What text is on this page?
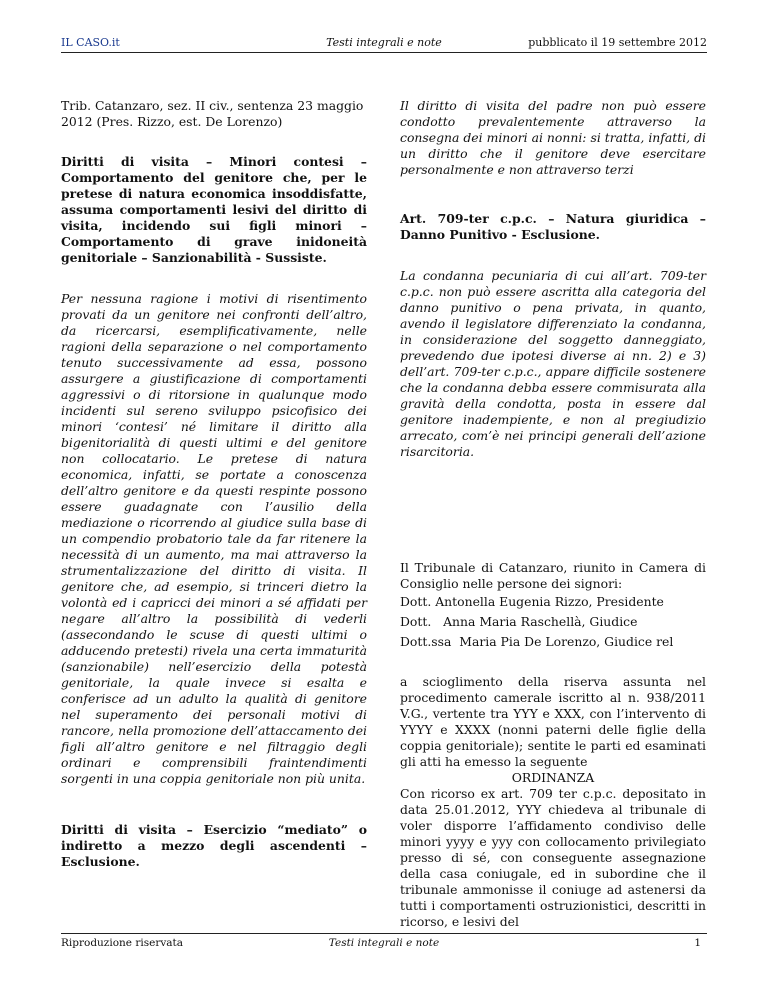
IL CASO.it	Testi integrali e note	pubblicato il 19 settembre 2012

Trib. Catanzaro, sez. II civ., sentenza 23 maggio 2012 (Pres. Rizzo, est. De Lorenzo)

Diritti di visita – Minori contesi – Comportamento del genitore che, per le pretese di natura economica insoddisfatte, assuma comportamenti lesivi del diritto di visita, incidendo sui figli minori – Comportamento di grave inidoneità genitoriale – Sanzionabilità - Sussiste.

Per nessuna ragione i motivi di risentimento provati da un genitore nei confronti dell’altro, da ricercarsi, esemplificativamente, nelle ragioni della separazione o nel comportamento tenuto successivamente ad essa, possono assurgere a giustificazione di comportamenti aggressivi o di ritorsione in qualunque modo incidenti sul sereno sviluppo psicofisico dei minori ‘contesi’ né limitare il diritto alla bigenitorialità di questi ultimi e del genitore non collocatario. Le pretese di natura economica, infatti, se portate a conoscenza dell’altro genitore e da questi respinte possono essere guadagnate con l’ausilio della mediazione o ricorrendo al giudice sulla base di un compendio probatorio tale da far ritenere la necessità di un aumento, ma mai attraverso la strumentalizzazione del diritto di visita. Il genitore che, ad esempio, si trinceri dietro la volontà ed i capricci dei minori a sé affidati per negare all’altro la possibilità di vederli (assecondando le scuse di questi ultimi o adducendo pretesti) rivela una certa immaturità (sanzionabile) nell’esercizio della potestà genitoriale, la quale invece si esalta e conferisce ad un adulto la qualità di genitore nel superamento dei personali motivi di rancore, nella promozione dell’attaccamento dei figli all’altro genitore e nel filtraggio degli ordinari e comprensibili fraintendimenti sorgenti in una coppia genitoriale non più unita.

Diritti di visita – Esercizio “mediato” o indiretto a mezzo degli ascendenti – Esclusione.

Il diritto di visita del padre non può essere condotto prevalentemente attraverso la consegna dei minori ai nonni: si tratta, infatti, di un diritto che il genitore deve esercitare personalmente e non attraverso terzi

Art. 709-ter c.p.c. – Natura giuridica – Danno Punitivo - Esclusione.

La condanna pecuniaria di cui all’art. 709-ter c.p.c. non può essere ascritta alla categoria del danno punitivo o pena privata, in quanto, avendo il legislatore differenziato la condanna, in considerazione del soggetto danneggiato, prevedendo due ipotesi diverse ai nn. 2) e 3) dell’art. 709-ter c.p.c., appare difficile sostenere che la condanna debba essere commisurata alla gravità della condotta, posta in essere dal genitore inadempiente, e non al pregiudizio arrecato, com’è nei principi generali dell’azione risarcitoria.

Il Tribunale di Catanzaro, riunito in Camera di Consiglio nelle persone dei signori:

Dott. Antonella Eugenia Rizzo, Presidente

Dott.   Anna Maria Raschellà, Giudice

Dott.ssa  Maria Pia De Lorenzo, Giudice rel

a scioglimento della riserva assunta nel procedimento camerale iscritto al n. 938/2011 V.G., vertente tra YYY e XXX, con l’intervento di YYYY e XXXX (nonni paterni delle figlie della coppia genitoriale); sentite le parti ed esaminati gli atti ha emesso la seguente

ORDINANZA

Con ricorso ex art. 709 ter c.p.c. depositato in data 25.01.2012, YYY chiedeva al tribunale di voler disporre l’affidamento condiviso delle minori yyyy e yyy con collocamento privilegiato presso di sé, con conseguente assegnazione della casa coniugale, ed in subordine che il tribunale ammonisse il coniuge ad astenersi da tutti i comportamenti ostruzionistici, descritti in ricorso, e lesivi del

Riproduzione riservata	Testi integrali e note	1
